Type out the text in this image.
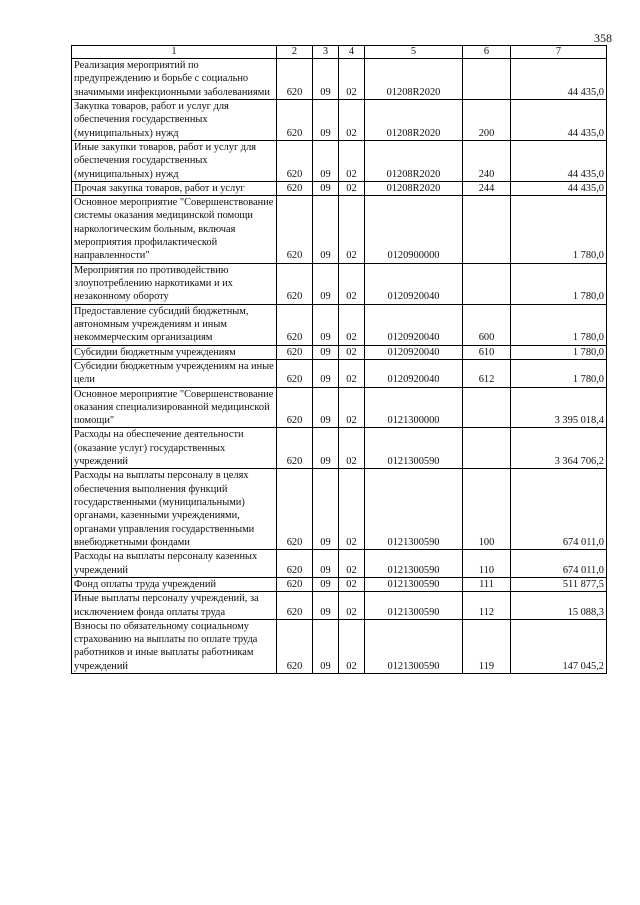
358
1	2	3	4	5	6	7
Реализация мероприятий по предупреждению и борьбе с социально значимыми инфекционными заболеваниями	620	09	02	01208R2020		44 435,0
Закупка товаров, работ и услуг для обеспечения государственных (муниципальных) нужд	620	09	02	01208R2020	200	44 435,0
Иные закупки товаров, работ и услуг для обеспечения государственных (муниципальных) нужд	620	09	02	01208R2020	240	44 435,0
Прочая закупка товаров, работ и услуг	620	09	02	01208R2020	244	44 435,0
Основное мероприятие "Совершенствование системы оказания медицинской помощи наркологическим больным, включая мероприятия профилактической направленности"	620	09	02	0120900000		1 780,0
Мероприятия по противодействию злоупотреблению наркотиками и их незаконному обороту	620	09	02	0120920040		1 780,0
Предоставление субсидий бюджетным, автономным учреждениям и иным некоммерческим организациям	620	09	02	0120920040	600	1 780,0
Субсидии бюджетным учреждениям	620	09	02	0120920040	610	1 780,0
Субсидии бюджетным учреждениям на иные цели	620	09	02	0120920040	612	1 780,0
Основное мероприятие "Совершенствование оказания специализированной медицинской помощи"	620	09	02	0121300000		3 395 018,4
Расходы на обеспечение деятельности (оказание услуг) государственных учреждений	620	09	02	0121300590		3 364 706,2
Расходы на выплаты персоналу в целях обеспечения выполнения функций государственными (муниципальными) органами, казенными учреждениями, органами управления государственными внебюджетными фондами	620	09	02	0121300590	100	674 011,0
Расходы на выплаты персоналу казенных учреждений	620	09	02	0121300590	110	674 011,0
Фонд оплаты труда учреждений	620	09	02	0121300590	111	511 877,5
Иные выплаты персоналу учреждений, за исключением фонда оплаты труда	620	09	02	0121300590	112	15 088,3
Взносы по обязательному социальному страхованию на выплаты по оплате труда работников и иные выплаты работникам учреждений	620	09	02	0121300590	119	147 045,2
